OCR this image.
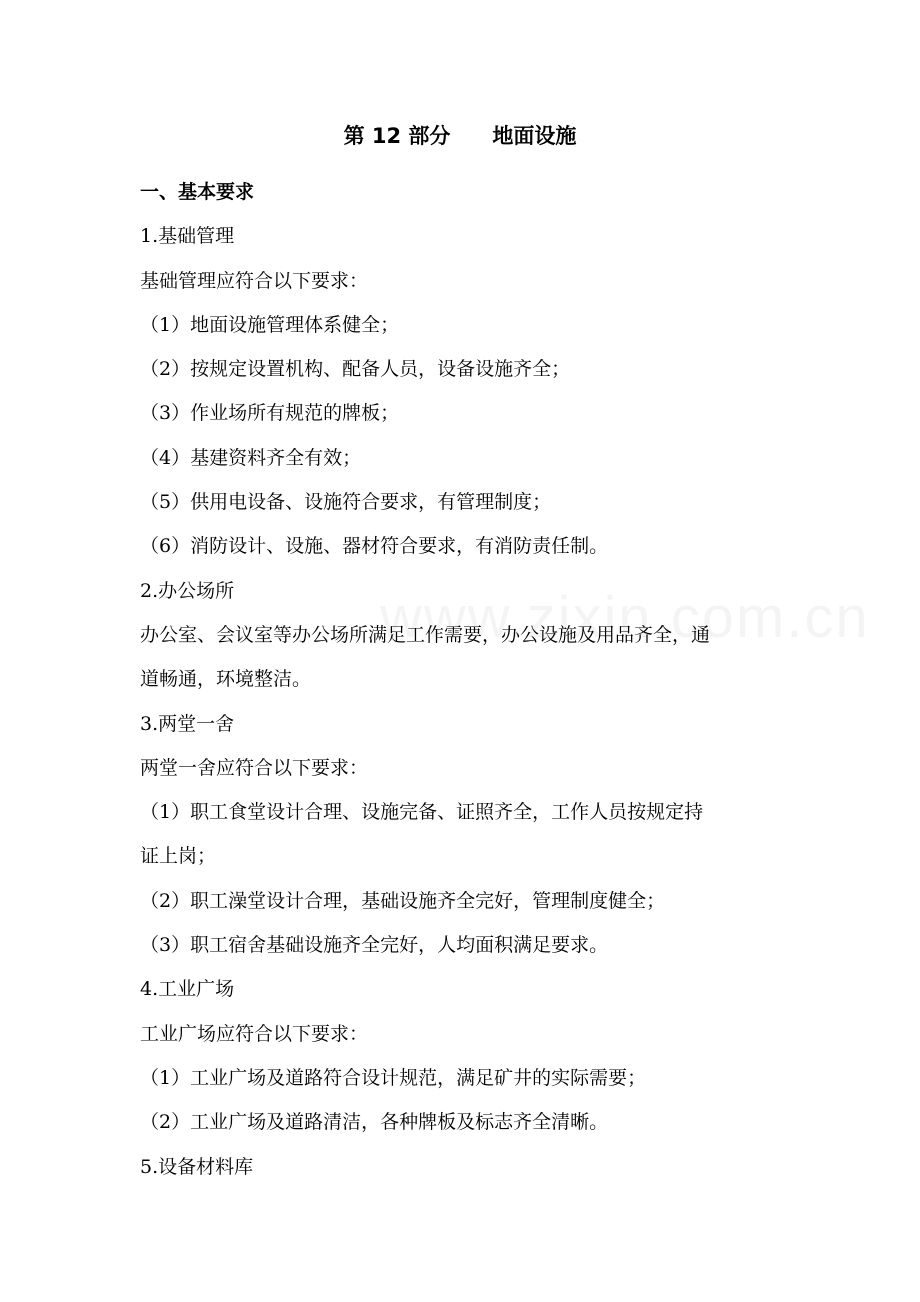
第 12 部分　　地面设施
一、基本要求
1.基础管理
基础管理应符合以下要求：
（1）地面设施管理体系健全；
（2）按规定设置机构、配备人员，设备设施齐全；
（3）作业场所有规范的牌板；
（4）基建资料齐全有效；
（5）供用电设备、设施符合要求，有管理制度；
（6）消防设计、设施、器材符合要求，有消防责任制。
2.办公场所
办公室、会议室等办公场所满足工作需要，办公设施及用品齐全，通
道畅通，环境整洁。
3.两堂一舍
两堂一舍应符合以下要求：
（1）职工食堂设计合理、设施完备、证照齐全，工作人员按规定持
证上岗；
（2）职工澡堂设计合理，基础设施齐全完好，管理制度健全；
（3）职工宿舍基础设施齐全完好，人均面积满足要求。
4.工业广场
工业广场应符合以下要求：
（1）工业广场及道路符合设计规范，满足矿井的实际需要；
（2）工业广场及道路清洁，各种牌板及标志齐全清晰。
5.设备材料库
